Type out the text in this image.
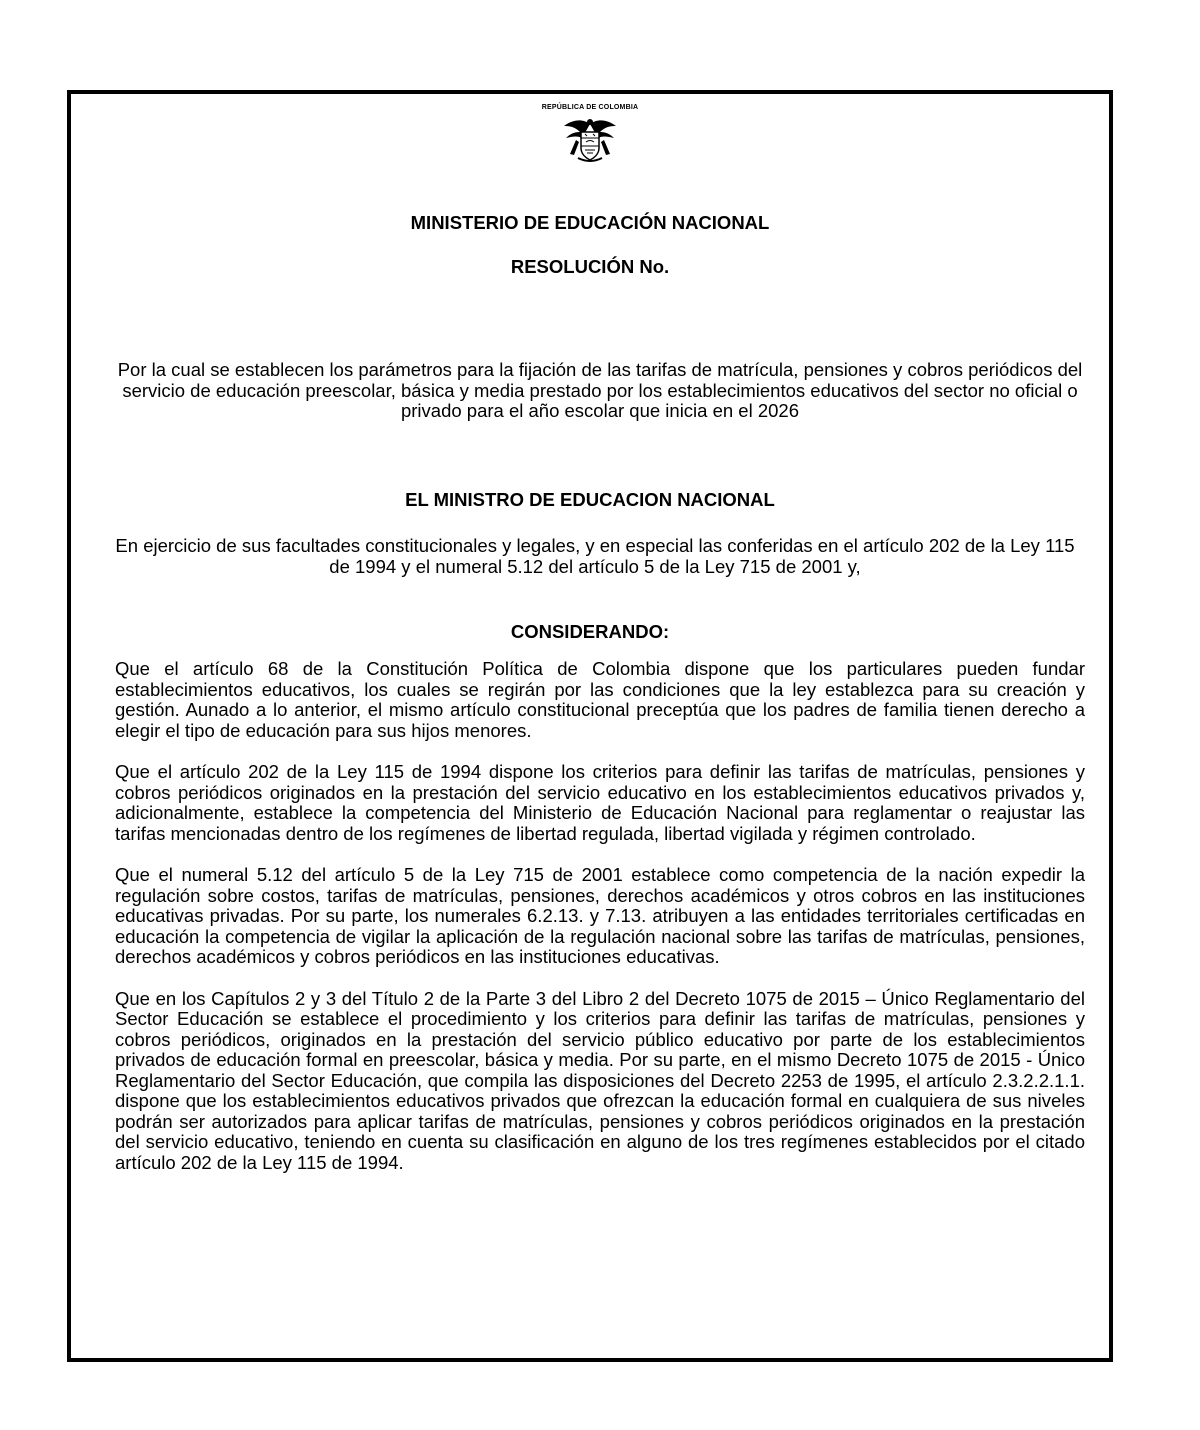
REPÚBLICA DE COLOMBIA
MINISTERIO DE EDUCACIÓN NACIONAL
RESOLUCIÓN No.
Por la cual se establecen los parámetros para la fijación de las tarifas de matrícula, pensiones y cobros periódicos del servicio de educación preescolar, básica y media prestado por los establecimientos educativos del sector no oficial o privado para el año escolar que inicia en el 2026
EL MINISTRO DE EDUCACION NACIONAL
En ejercicio de sus facultades constitucionales y legales, y en especial las conferidas en el artículo 202 de la Ley 115 de 1994 y el numeral 5.12 del artículo 5 de la Ley 715 de 2001 y,
CONSIDERANDO:

Que el artículo 68 de la Constitución Política de Colombia dispone que los particulares pueden fundar establecimientos educativos, los cuales se regirán por las condiciones que la ley establezca para su creación y gestión. Aunado a lo anterior, el mismo artículo constitucional preceptúa que los padres de familia tienen derecho a elegir el tipo de educación para sus hijos menores.

Que el artículo 202 de la Ley 115 de 1994 dispone los criterios para definir las tarifas de matrículas, pensiones y cobros periódicos originados en la prestación del servicio educativo en los establecimientos educativos privados y, adicionalmente, establece la competencia del Ministerio de Educación Nacional para reglamentar o reajustar las tarifas mencionadas dentro de los regímenes de libertad regulada, libertad vigilada y régimen controlado.

Que el numeral 5.12 del artículo 5 de la Ley 715 de 2001 establece como competencia de la nación expedir la regulación sobre costos, tarifas de matrículas, pensiones, derechos académicos y otros cobros en las instituciones educativas privadas. Por su parte, los numerales 6.2.13. y 7.13. atribuyen a las entidades territoriales certificadas en educación la competencia de vigilar la aplicación de la regulación nacional sobre las tarifas de matrículas, pensiones, derechos académicos y cobros periódicos en las instituciones educativas.

Que en los Capítulos 2 y 3 del Título 2 de la Parte 3 del Libro 2 del Decreto 1075 de 2015 – Único Reglamentario del Sector Educación se establece el procedimiento y los criterios para definir las tarifas de matrículas, pensiones y cobros periódicos, originados en la prestación del servicio público educativo por parte de los establecimientos privados de educación formal en preescolar, básica y media. Por su parte, en el mismo Decreto 1075 de 2015 - Único Reglamentario del Sector Educación, que compila las disposiciones del Decreto 2253 de 1995, el artículo 2.3.2.2.1.1. dispone que los establecimientos educativos privados que ofrezcan la educación formal en cualquiera de sus niveles podrán ser autorizados para aplicar tarifas de matrículas, pensiones y cobros periódicos originados en la prestación del servicio educativo, teniendo en cuenta su clasificación en alguno de los tres regímenes establecidos por el citado artículo 202 de la Ley 115 de 1994.
